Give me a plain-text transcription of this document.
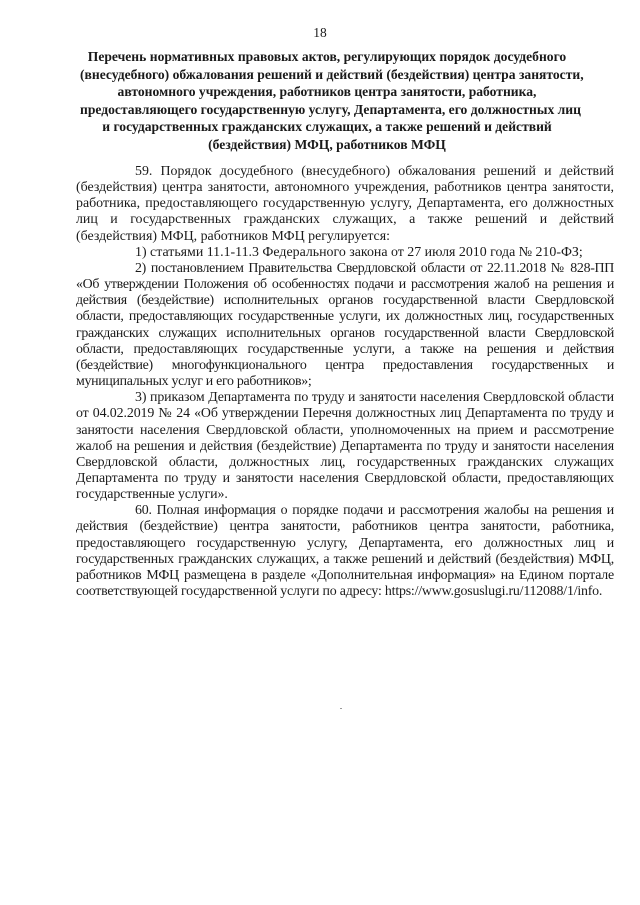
18
Перечень нормативных правовых актов, регулирующих порядок досудебного
(внесудебного) обжалования решений и действий (бездействия) центра занятости,
автономного учреждения, работников центра занятости, работника,
предоставляющего государственную услугу, Департамента, его должностных лиц
и государственных гражданских служащих, а также решений и действий
(бездействия) МФЦ, работников МФЦ

59. Порядок досудебного (внесудебного) обжалования решений и действий (бездействия) центра занятости, автономного учреждения, работников центра занятости, работника, предоставляющего государственную услугу, Департамента, его должностных лиц и государственных гражданских служащих, а также решений и действий (бездействия) МФЦ, работников МФЦ регулируется:

1) статьями 11.1-11.3 Федерального закона от 27 июля 2010 года № 210-ФЗ;

2) постановлением Правительства Свердловской области от 22.11.2018 № 828-ПП «Об утверждении Положения об особенностях подачи и рассмотрения жалоб на решения и действия (бездействие) исполнительных органов государственной власти Свердловской области, предоставляющих государственные услуги, их должностных лиц, государственных гражданских служащих исполнительных органов государственной власти Свердловской области, предоставляющих государственные услуги, а также на решения и действия (бездействие) многофункционального центра предоставления государственных и муниципальных услуг и его работников»;

3) приказом Департамента по труду и занятости населения Свердловской области от 04.02.2019 № 24 «Об утверждении Перечня должностных лиц Департамента по труду и занятости населения Свердловской области, уполномоченных на прием и рассмотрение жалоб на решения и действия (бездействие) Департамента по труду и занятости населения Свердловской области, должностных лиц, государственных гражданских служащих Департамента по труду и занятости населения Свердловской области, предоставляющих государственные услуги».

60. Полная информация о порядке подачи и рассмотрения жалобы на решения и действия (бездействие) центра занятости, работников центра занятости, работника, предоставляющего государственную услугу, Департамента, его должностных лиц и государственных гражданских служащих, а также решений и действий (бездействия) МФЦ, работников МФЦ размещена в разделе «Дополнительная информация» на Едином портале соответствующей государственной услуги по адресу: https://www.gosuslugi.ru/112088/1/info.
